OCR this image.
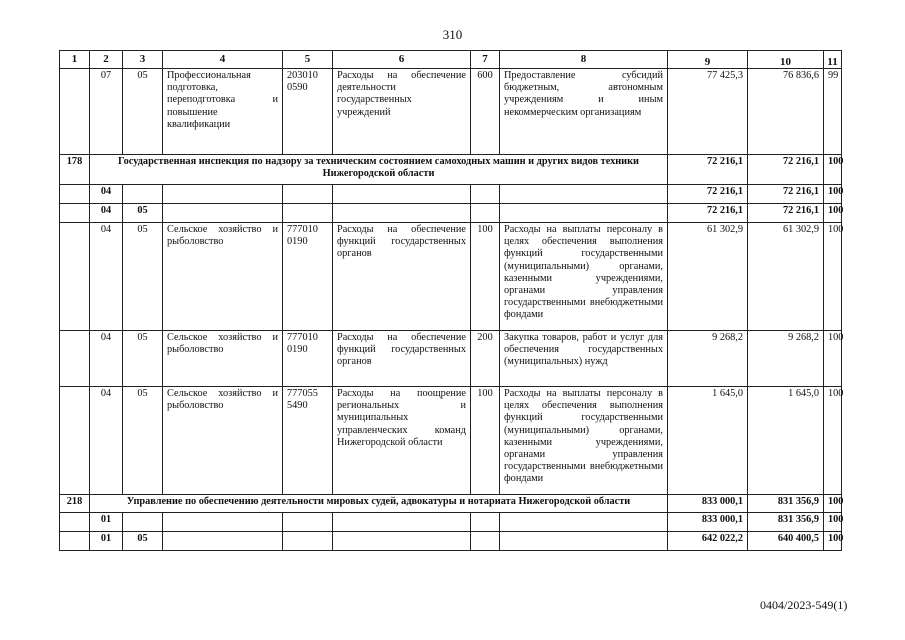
310
1	2	3	4	5	6	7	8	9	10	11
	07	05	Профессиональная подготовка, переподготовка и повышение квалификации	203010 0590	Расходы на обеспечение деятельности государственных учреждений	600	Предоставление субсидий бюджетным, автономным учреждениям и иным некоммерческим организациям	77 425,3	76 836,6	99
178	Государственная инспекция по надзору за техническим состоянием самоходных машин и других видов техники Нижегородской области							72 216,1	72 216,1	100
	04							72 216,1	72 216,1	100
	04	05						72 216,1	72 216,1	100
	04	05	Сельское хозяйство и рыболовство	777010 0190	Расходы на обеспечение функций государственных органов	100	Расходы на выплаты персоналу в целях обеспечения выполнения функций государственными (муниципальными) органами, казенными учреждениями, органами управления государственными внебюджетными фондами	61 302,9	61 302,9	100
	04	05	Сельское хозяйство и рыболовство	777010 0190	Расходы на обеспечение функций государственных органов	200	Закупка товаров, работ и услуг для обеспечения государственных (муниципальных) нужд	9 268,2	9 268,2	100
	04	05	Сельское хозяйство и рыболовство	777055 5490	Расходы на поощрение региональных и муниципальных управленческих команд Нижегородской области	100	Расходы на выплаты персоналу в целях обеспечения выполнения функций государственными (муниципальными) органами, казенными учреждениями, органами управления государственными внебюджетными фондами	1 645,0	1 645,0	100
218	Управление по обеспечению деятельности мировых судей, адвокатуры и нотариата Нижегородской области							833 000,1	831 356,9	100
	01							833 000,1	831 356,9	100
	01	05						642 022,2	640 400,5	100
0404/2023-549(1)
